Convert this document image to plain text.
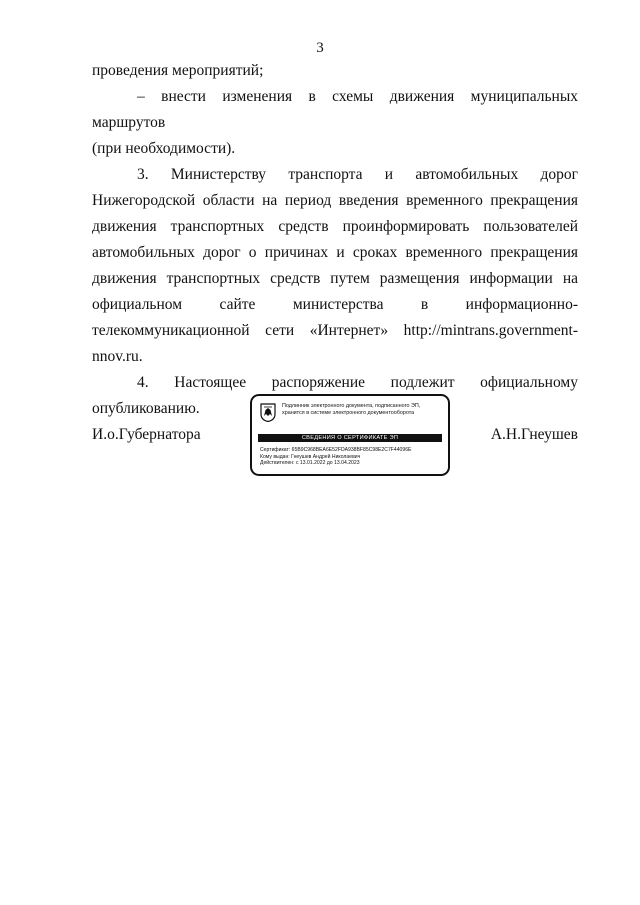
3

проведения мероприятий;

– внести изменения в схемы движения муниципальных маршрутов

(при необходимости).

3. Министерству транспорта и автомобильных дорог Нижегородской области на период введения временного прекращения движения транспортных средств проинформировать пользователей автомобильных дорог о причинах и сроках временного прекращения движения транспортных средств путем размещения информации на официальном сайте министерства в информационно-телекоммуникационной сети «Интернет» http://mintrans.government-nnov.ru.

4. Настоящее распоряжение подлежит официальному

опубликованию.

И.о.Губернатора
Подлинник электронного документа, подписанного ЭП,
хранится в системе электронного документооборота
СВЕДЕНИЯ О СЕРТИФИКАТЕ ЭП
Сертификат: 65B9C968BEA6E52FDA938BF85C98E2C7F44096E
Кому выдан: Гнеушев Андрей Николаевич
Действителен: с 13.01.2022 до 13.04.2023
А.Н.Гнеушев
